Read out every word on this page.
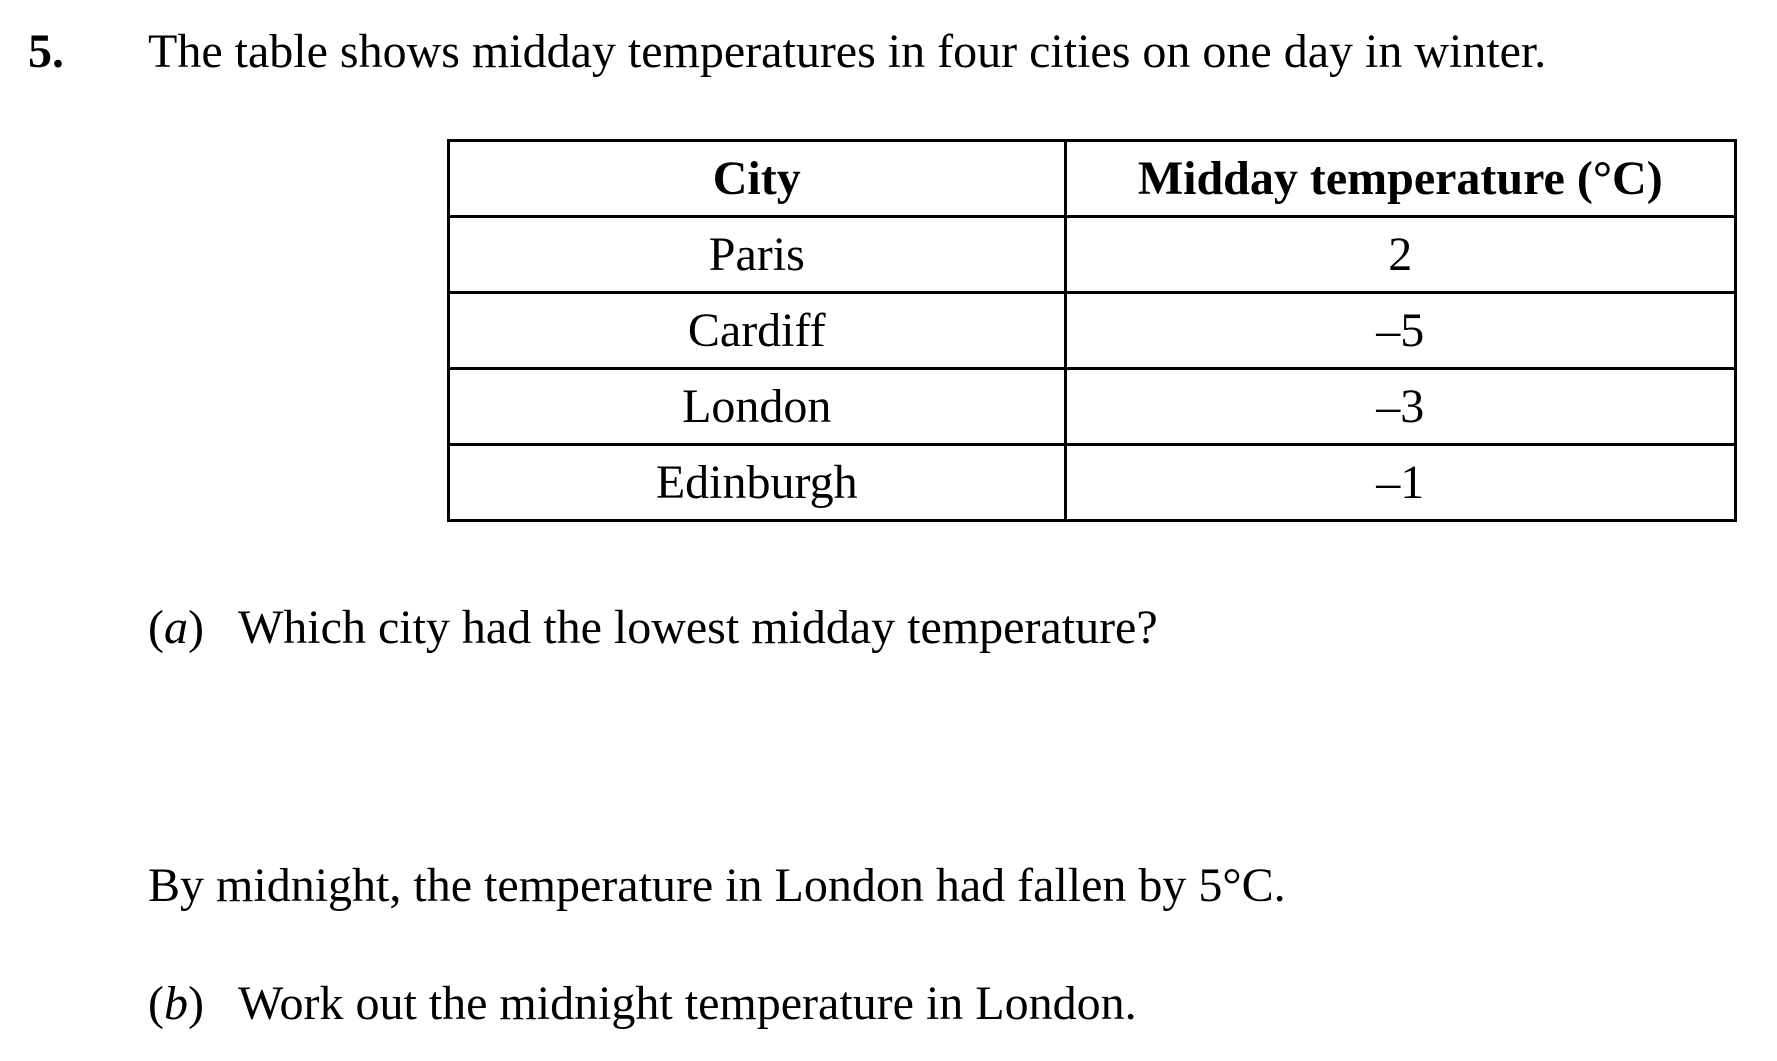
5. The table shows midday temperatures in four cities on one day in winter.
City	Midday temperature (°C)
Paris	2
Cardiff	–5
London	–3
Edinburgh	–1
(a) Which city had the lowest midday temperature?
By midnight, the temperature in London had fallen by 5°C.
(b) Work out the midnight temperature in London.
